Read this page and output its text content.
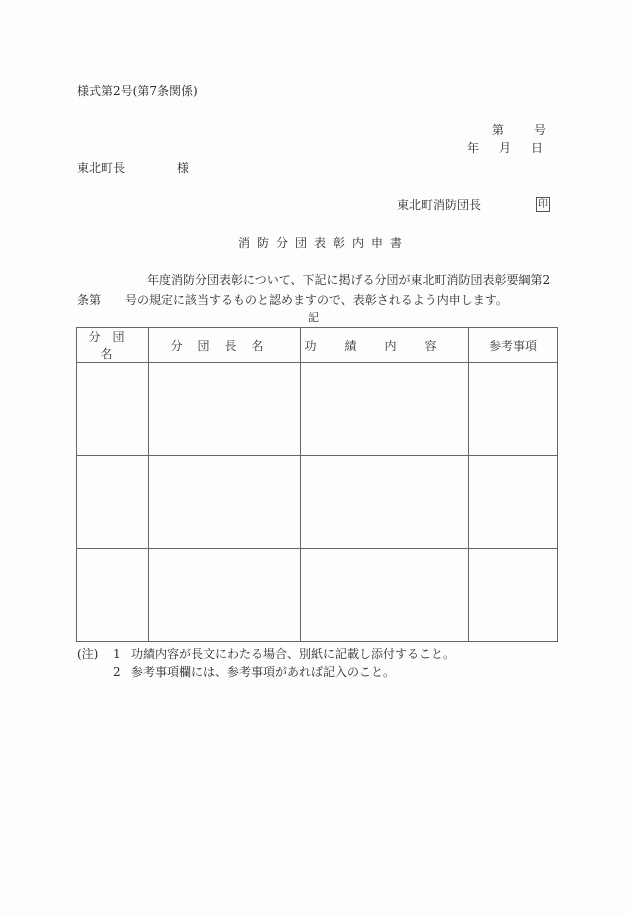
様式第2号(第7条関係)
第	号
年 月 日
東北町長	様
東北町消防団長	印
消防分団表彰内申書
年度消防分団表彰について、下記に掲げる分団が東北町消防団表彰要綱第2
条第 号の規定に該当するものと認めますので、表彰されるよう内申します。
記
分団名	分団長名	功績内容	参考事項

(注) 1 功績内容が長文にわたる場合、別紙に記載し添付すること。
2 参考事項欄には、参考事項があれば記入のこと。
